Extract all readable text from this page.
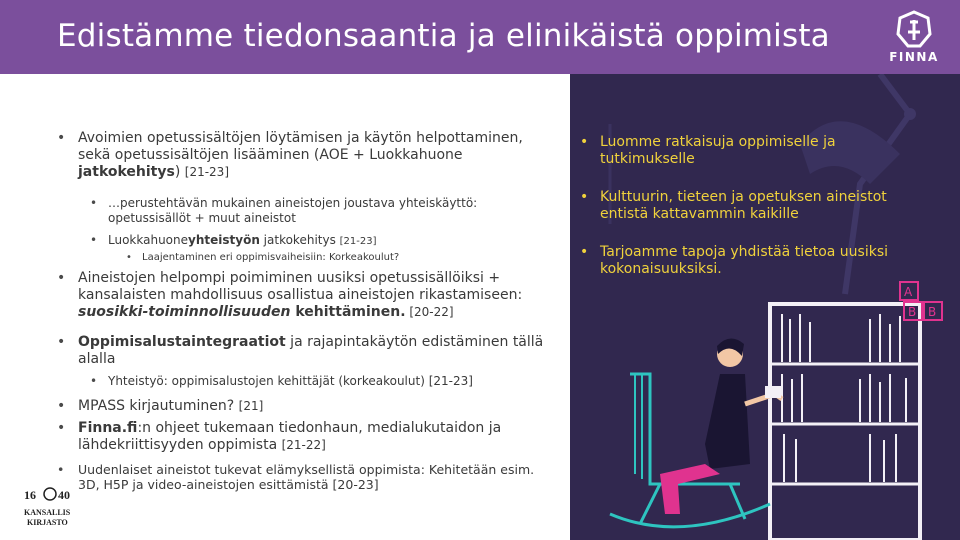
Edistämme tiedonsaantia ja elinikäistä oppimista
FINNA
• Avoimien opetussisältöjen löytämisen ja käytön helpottaminen, sekä opetussisältöjen lisääminen (AOE + Luokkahuone jatkokehitys) [21-23]
• …perustehtävän mukainen aineistojen joustava yhteiskäyttö: opetussisällöt + muut aineistot
• Luokkahuoneyhteistyön jatkokehitys [21-23]
• Laajentaminen eri oppimisvaiheisiin: Korkeakoulut?
• Aineistojen helpompi poimiminen uusiksi opetussisällöiksi + kansalaisten mahdollisuus osallistua aineistojen rikastamiseen: suosikki-toiminnollisuuden kehittäminen. [20-22]
• Oppimisalustaintegraatiot ja rajapintakäytön edistäminen tällä alalla
• Yhteistyö: oppimisalustojen kehittäjät (korkeakoulut) [21-23]
• MPASS kirjautuminen? [21]
• Finna.fi:n ohjeet tukemaan tiedonhaun, medialukutaidon ja lähdekriittisyyden oppimista [21-22]
• Uudenlaiset aineistot tukevat elämyksellistä oppimista: Kehitetään esim. 3D, H5P ja video-aineistojen esittämistä [20-23]
16 40
KANSALLIS
KIRJASTO
A
B B
• Luomme ratkaisuja oppimiselle ja tutkimukselle
• Kulttuurin, tieteen ja opetuksen aineistot entistä kattavammin kaikille
• Tarjoamme tapoja yhdistää tietoa uusiksi kokonaisuuksiksi.
